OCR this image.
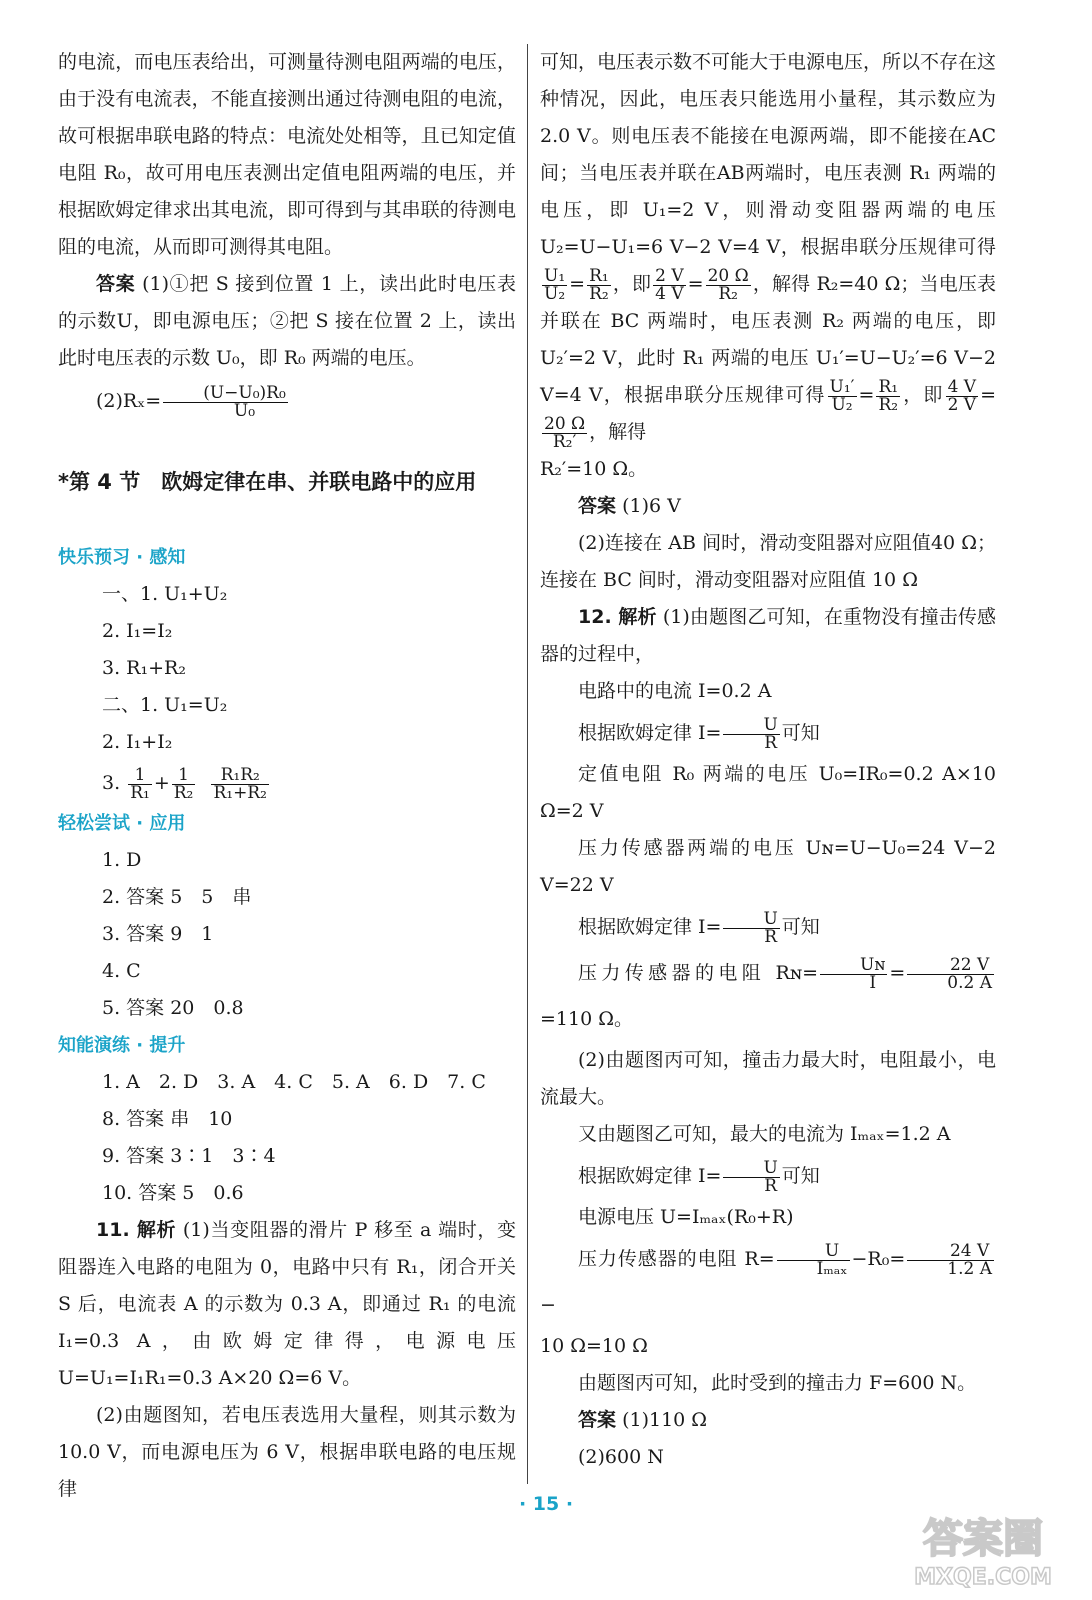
的电流，而电压表给出，可测量待测电阻两端的电压，由于没有电流表，不能直接测出通过待测电阻的电流，故可根据串联电路的特点：电流处处相等，且已知定值电阻 R₀，故可用电压表测出定值电阻两端的电压，并根据欧姆定律求出其电流，即可得到与其串联的待测电阻的电流，从而即可测得其电阻。

答案 (1)①把 S 接到位置 1 上，读出此时电压表的示数U，即电源电压；②把 S 接在位置 2 上，读出此时电压表的示数 U₀，即 R₀ 两端的电压。

$(2)R_x= \frac{\text{(U−U₀)R₀}}{\text{U₀}}$

*第 4 节　欧姆定律在串、并联电路中的应用

快乐预习 · 感知

一、1. U₁+U₂

2. I₁=I₂

3. R₁+R₂

二、1. U₁=U₂

2. I₁+I₂

3. $\frac{1}{\text{R₁}} + \frac{1}{\text{R₂}}$
$\frac{\text{R₁R₂}}{\text{R₁+R₂}}$

轻松尝试 · 应用

1. D

2. 答案 5　5　串

3. 答案 9　1

4. C

5. 答案 20　0.8

知能演练 · 提升

1. A　2. D　3. A　4. C　5. A　6. D　7. C

8. 答案 串　10

9. 答案 3∶1　3∶4

10. 答案 5　0.6

11. 解析 (1)当变阻器的滑片 P 移至 a 端时，变阻器连入电路的电阻为 0，电路中只有 R₁，闭合开关 S 后，电流表 A 的示数为 0.3 A，即通过 R₁ 的电流I₁=0.3 A，由欧姆定律得，电源电压 U=U₁=I₁R₁=0.3 A×20 Ω=6 V。

(2)由题图知，若电压表选用大量程，则其示数为 10.0 V，而电源电压为 6 V，根据串联电路的电压规律

可知，电压表示数不可能大于电源电压，所以不存在这种情况，因此，电压表只能选用小量程，其示数应为 2.0 V。则电压表不能接在电源两端，即不能接在AC间；当电压表并联在AB两端时，电压表测 R₁ 两端的电压，即 U₁=2 V，则滑动变阻器两端的电压U₂=U−U₁=6 V−2 V=4 V，根据串联分压规律可得
$\frac{\text{U₁}}{\text{U₂}} = \frac{\text{R₁}}{\text{R₂}}$ ，即 $\frac{2 V}{4 V} = \frac{20 \Omega}{\text{R₂}}$ ，解得 R₂=40 Ω；当电压表并联在 BC 两端时，电压表测 R₂ 两端的电压，即U₂′=2 V，此时 R₁ 两端的电压 U₁′=U−U₂′=6 V−2 V=4 V，根据串联分压规律可得 $\frac{\text{U₁′}}{\text{U₂}} = \frac{\text{R₁}}{\text{R₂}}$ ，即 $\frac{4 V}{2 V}$ =
$\frac{20 \Omega}{\text{R₂′}}$ ，解得

R₂′=10 Ω。

答案 (1)6 V

(2)连接在 AB 间时，滑动变阻器对应阻值40 Ω；连接在 BC 间时，滑动变阻器对应阻值 10 Ω

12. 解析 (1)由题图乙可知，在重物没有撞击传感器的过程中，

电路中的电流 I=0.2 A

根据欧姆定律 $I= \frac{U}{R}$ 可知

定值电阻 R₀ 两端的电压 U₀=IR₀=0.2 A×10 Ω=2 V

压力传感器两端的电压 Uɴ=U−U₀=24 V−2 V=22 V

根据欧姆定律 $I= \frac{U}{R}$ 可知

压力传感器的电阻 Rɴ= $\frac{\text{Uɴ}}{I} = \frac{22 V}{0.2 A}$
=110 Ω。

(2)由题图丙可知，撞击力最大时，电阻最小，电流最大。

又由题图乙可知，最大的电流为 Iₘₐₓ=1.2 A

根据欧姆定律 $I= \frac{U}{R}$ 可知

电源电压 U=Iₘₐₓ(R₀+R)

压力传感器的电阻 $R= \frac{U}{\text{Iₘₐₓ}} -R_0= \frac{24 V}{1.2 A}$
−

10 Ω=10 Ω

由题图丙可知，此时受到的撞击力 F=600 N。

答案 (1)110 Ω

(2)600 N

· 15 ·
答案圈
MXQE.COM
